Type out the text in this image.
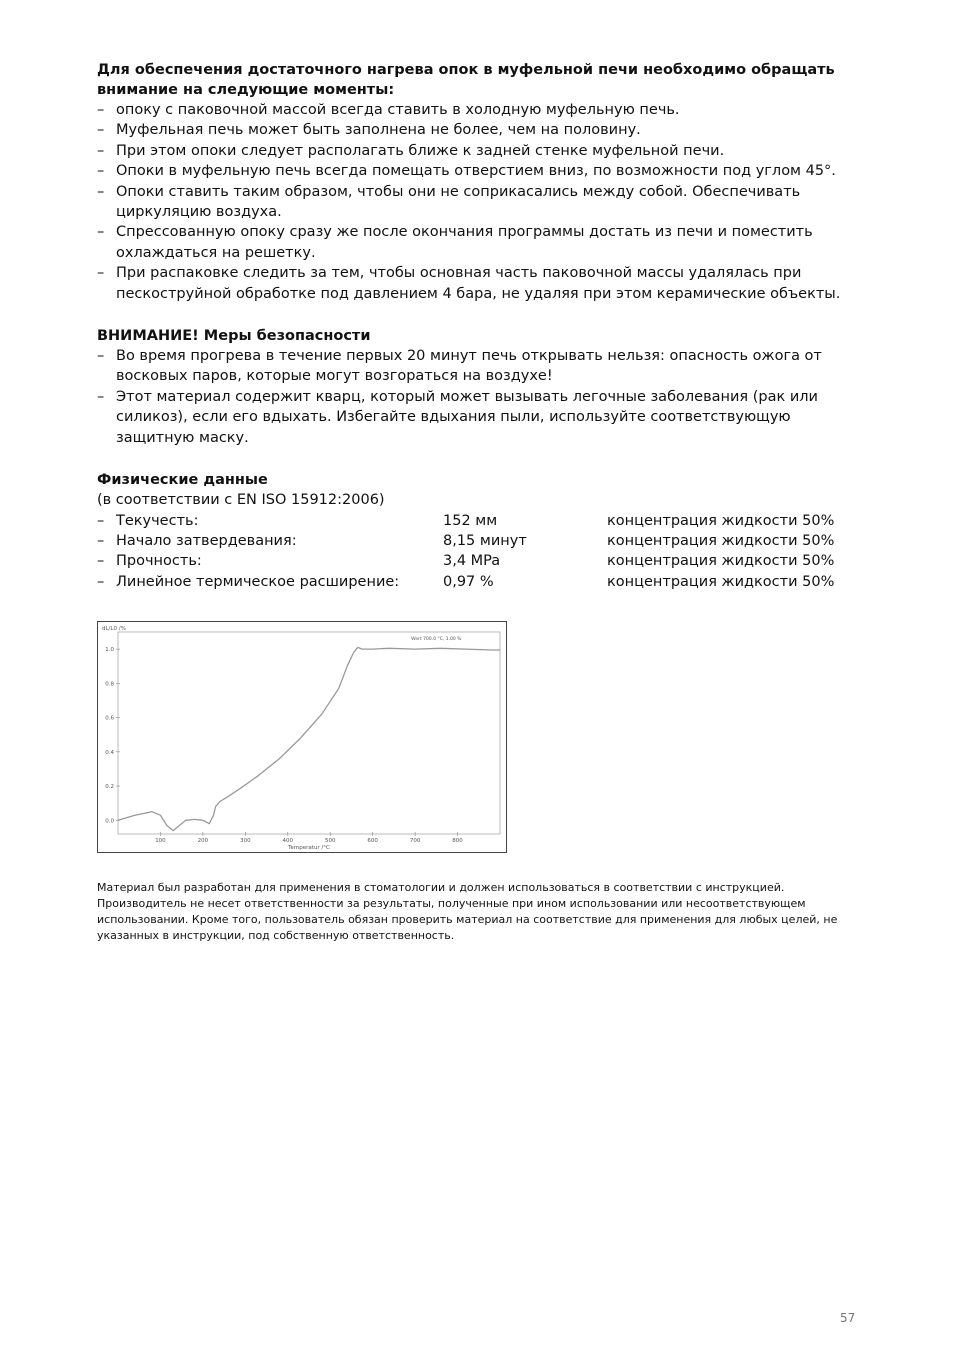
Для обеспечения достаточного нагрева опок в муфельной печи необходимо обращать внимание на следующие моменты:

– опоку с паковочной массой всегда ставить в холодную муфельную печь.
– Муфельная печь может быть заполнена не более, чем на половину.
– При этом опоки следует располагать ближе к задней стенке муфельной печи.
– Опоки в муфельную печь всегда помещать отверстием вниз, по возможности под углом 45°.
– Опоки ставить таким образом, чтобы они не соприкасались между собой. Обеспечивать циркуляцию воздуха.
– Спрессованную опоку сразу же после окончания программы достать из печи и поместить охлаждаться на решетку.
– При распаковке следить за тем, чтобы основная часть паковочной массы удалялась при пескоструйной обработке под давлением 4 бара, не удаляя при этом керамические объекты.
ВНИМАНИЕ! Меры безопасности
– Во время прогрева в течение первых 20 минут печь открывать нельзя: опасность ожога от восковых паров, которые могут возгораться на воздухе!
– Этот материал содержит кварц, который может вызывать легочные заболевания (рак или силикоз), если его вдыхать. Избегайте вдыхания пыли, используйте соответствующую защитную маску.
Физические данные
(в соответствии с EN ISO 15912:2006)
– Текучесть:	152 мм	концентрация жидкости 50%
– Начало затвердевания:	8,15 минут	концентрация жидкости 50%
– Прочность:	3,4 MPa	концентрация жидкости 50%
– Линейное термическое расширение:	0,97 %	концентрация жидкости 50%
1.0
0.8
0.6
0.4
0.2
0.0
100	200	300	400	500	600	700	800
dL/L0 /%
Temperatur /°C
Wert 700.0 °C, 1.00 %

Материал был разработан для применения в стоматологии и должен использоваться в соответствии с инструкцией. Производитель не несет ответственности за результаты, полученные при ином использовании или несоответствующем использовании. Кроме того, пользователь обязан проверить материал на соответствие для применения для любых целей, не указанных в инструкции, под собственную ответственность.

57
